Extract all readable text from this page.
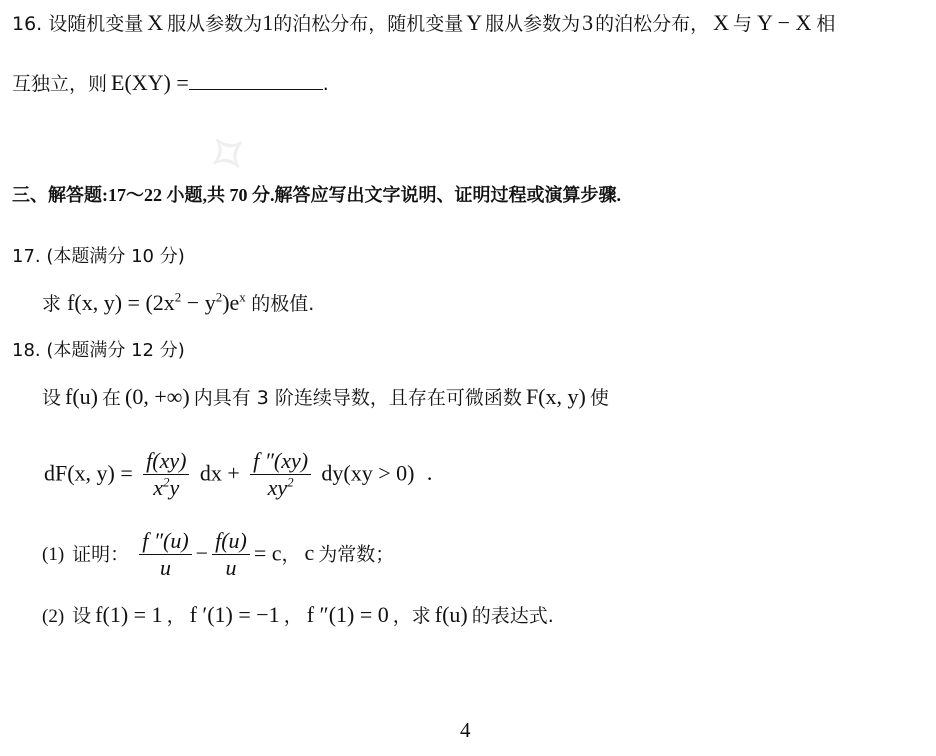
⟡
16. 设随机变量 X 服从参数为1的泊松分布，随机变量 Y 服从参数为3 的泊松分布， X 与 Y − X 相
互独立，则 E(XY) =	.
三、解答题:17～22 小题,共 70 分.解答应写出文字说明、证明过程或演算步骤.
17. (本题满分 10 分)
求 f(x, $y) = (2x^2 - y^2)e^x$ 的极值.
18. (本题满分 12 分)
设 f(u) 在 (0, +∞) 内具有 3 阶连续导数，且存在可微函数 F(x, y) 使
dF(x, $y) = \frac{f(xy)}{x^2y}$ dx + $\frac{f ''(xy)}{xy^2} dy(xy > 0)$ .
(1) 证明： $\frac{f ''(u)}{u} - \frac{f(u)}{u} = c$， c 为常数；
(2) 设 f(1) = 1 ， f ′(1) = −1 ， f ″(1) = 0 ，求 f(u) 的表达式.
4
